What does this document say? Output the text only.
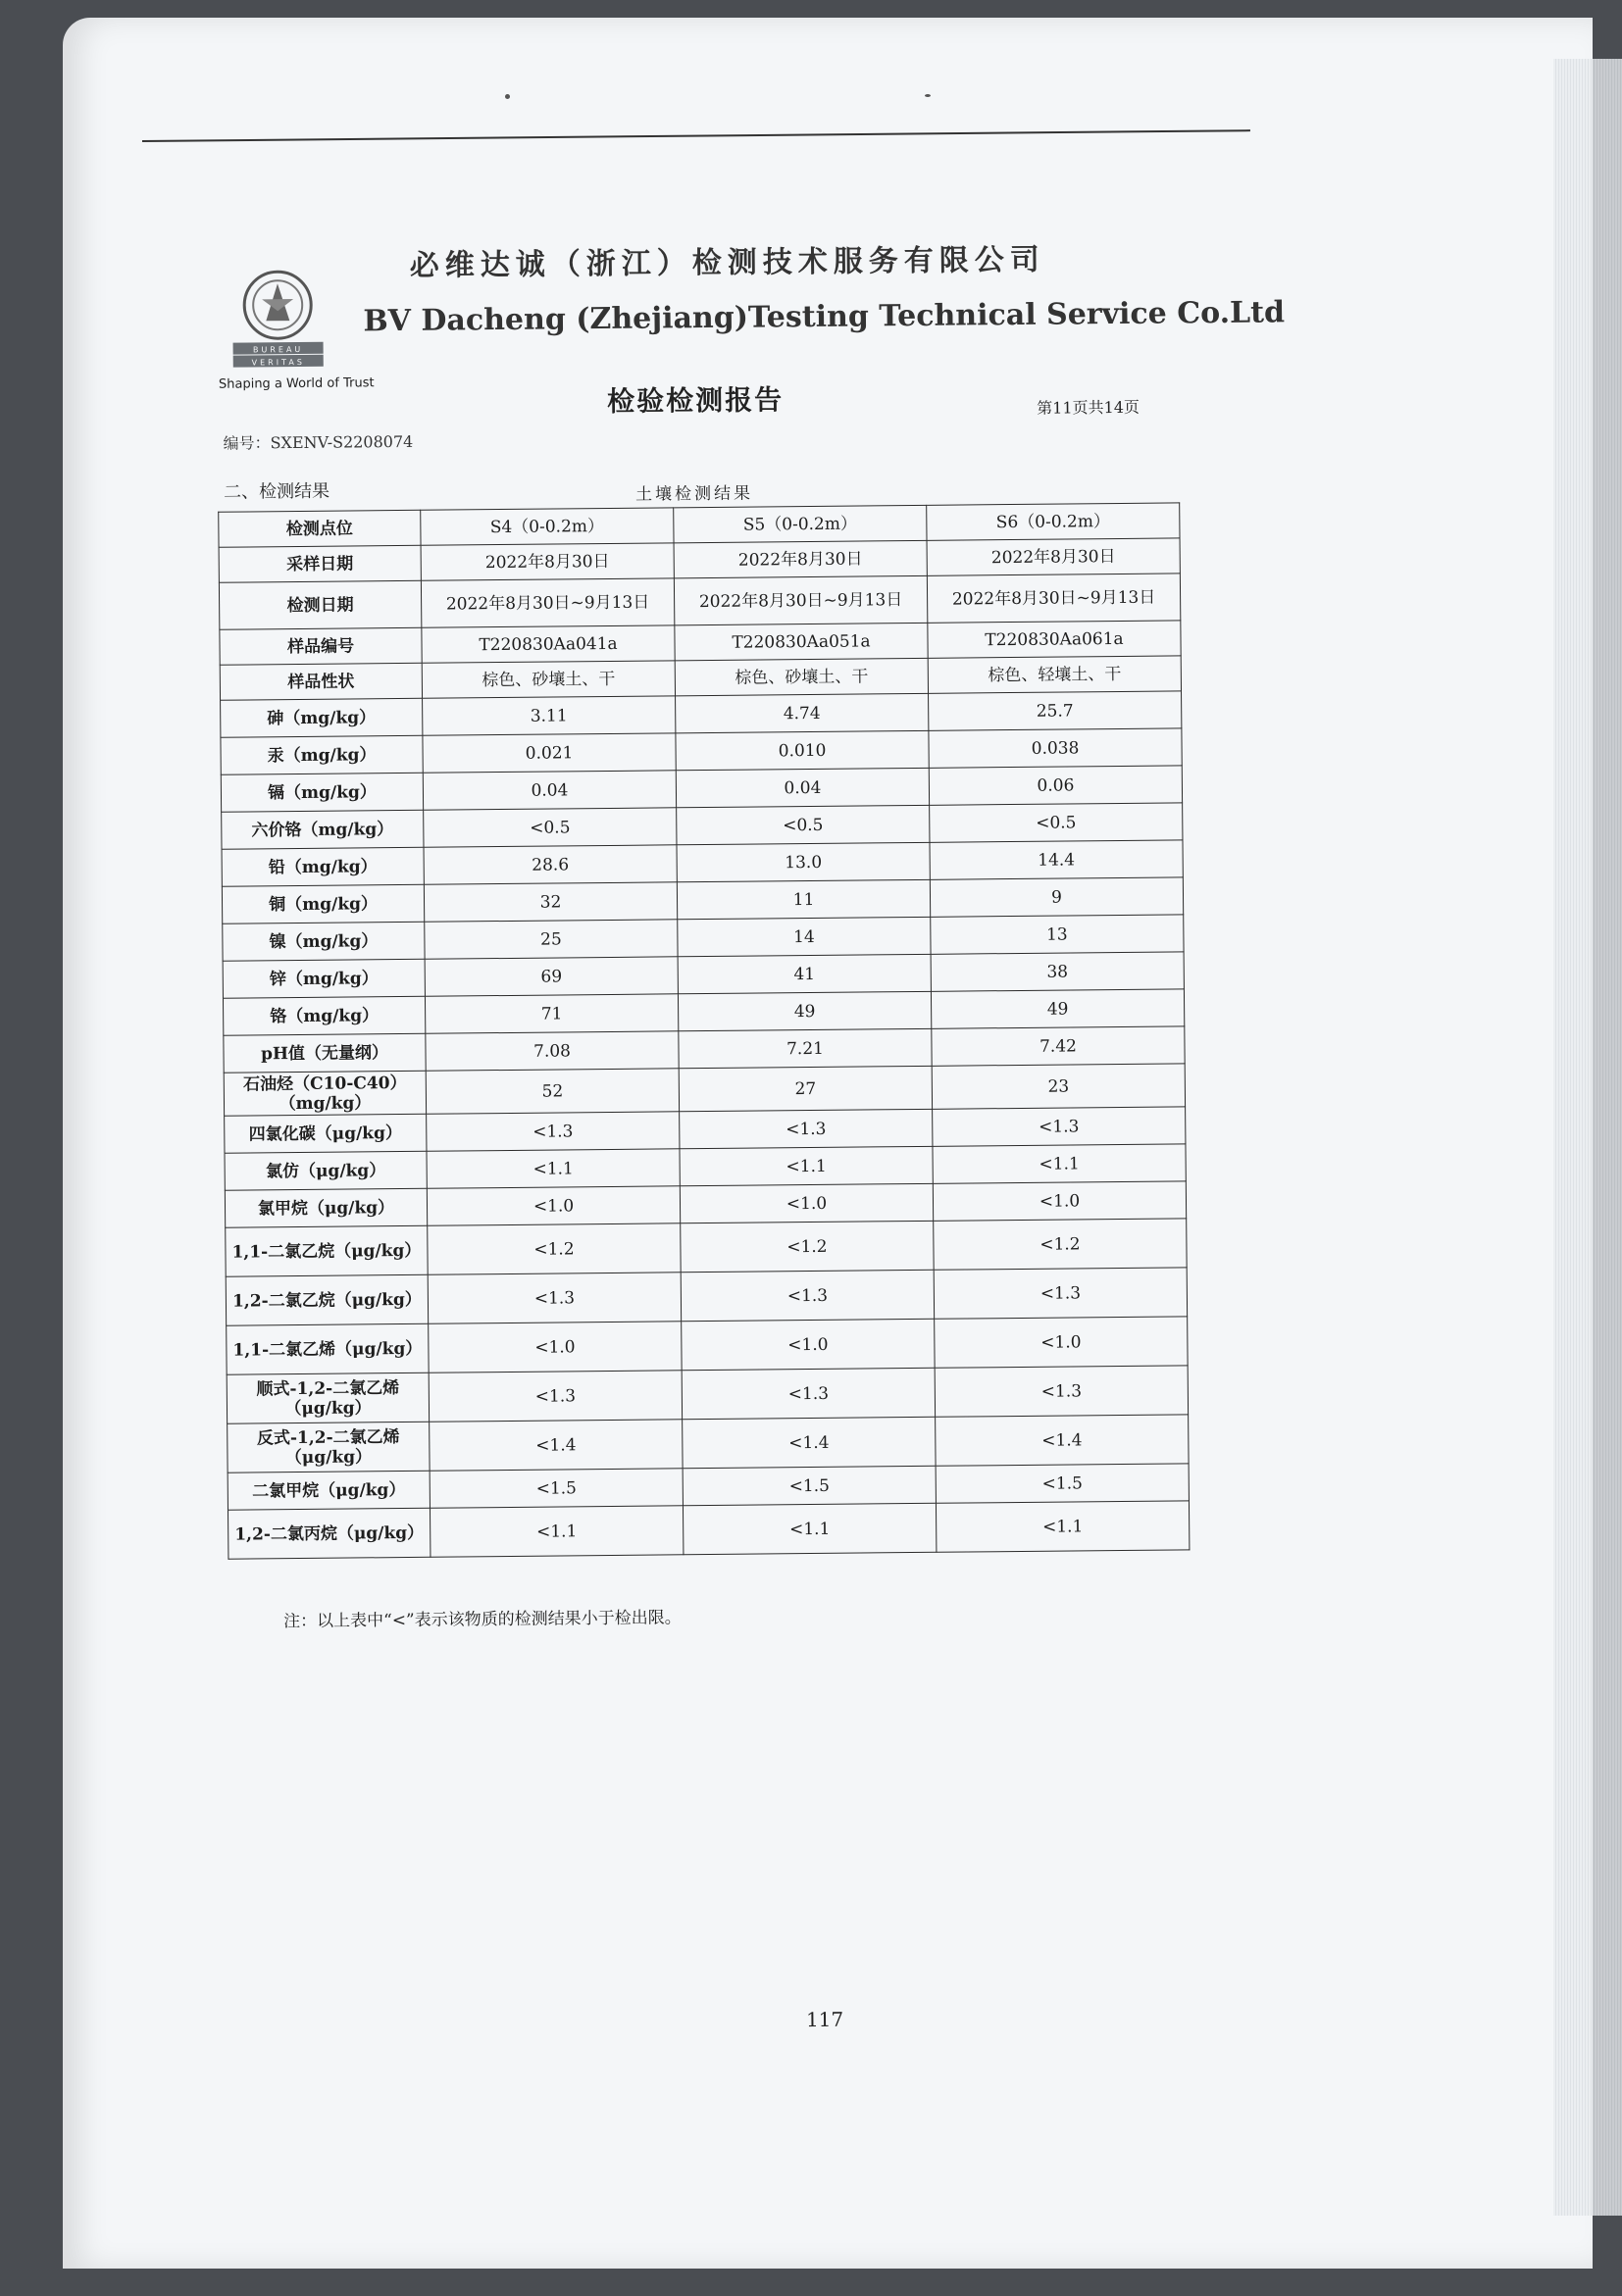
BUREAU
VERITAS
Shaping a World of Trust
必维达诚（浙江）检测技术服务有限公司
BV Dacheng (Zhejiang)Testing Technical Service Co.Ltd
检验检测报告	第11页共14页
编号：SXENV-S2208074
二、检测结果	土壤检测结果
检测点位	S4（0-0.2m）	S5（0-0.2m）	S6（0-0.2m）
采样日期	2022年8月30日	2022年8月30日	2022年8月30日
检测日期	2022年8月30日~9月13日	2022年8月30日~9月13日	2022年8月30日~9月13日
样品编号	T220830Aa041a	T220830Aa051a	T220830Aa061a
样品性状	棕色、砂壤土、干	棕色、砂壤土、干	棕色、轻壤土、干
砷（mg/kg）	3.11	4.74	25.7
汞（mg/kg）	0.021	0.010	0.038
镉（mg/kg）	0.04	0.04	0.06
六价铬（mg/kg）	<0.5	<0.5	<0.5
铅（mg/kg）	28.6	13.0	14.4
铜（mg/kg）	32	11	9
镍（mg/kg）	25	14	13
锌（mg/kg）	69	41	38
铬（mg/kg）	71	49	49
pH值（无量纲）	7.08	7.21	7.42
石油烃（C10-C40）（mg/kg）	52	27	23
四氯化碳（μg/kg）	<1.3	<1.3	<1.3
氯仿（μg/kg）	<1.1	<1.1	<1.1
氯甲烷（μg/kg）	<1.0	<1.0	<1.0
1,1-二氯乙烷（μg/kg）	<1.2	<1.2	<1.2
1,2-二氯乙烷（μg/kg）	<1.3	<1.3	<1.3
1,1-二氯乙烯（μg/kg）	<1.0	<1.0	<1.0
顺式-1,2-二氯乙烯（μg/kg）	<1.3	<1.3	<1.3
反式-1,2-二氯乙烯（μg/kg）	<1.4	<1.4	<1.4
二氯甲烷（μg/kg）	<1.5	<1.5	<1.5
1,2-二氯丙烷（μg/kg）	<1.1	<1.1	<1.1
注：以上表中“<”表示该物质的检测结果小于检出限。
117
